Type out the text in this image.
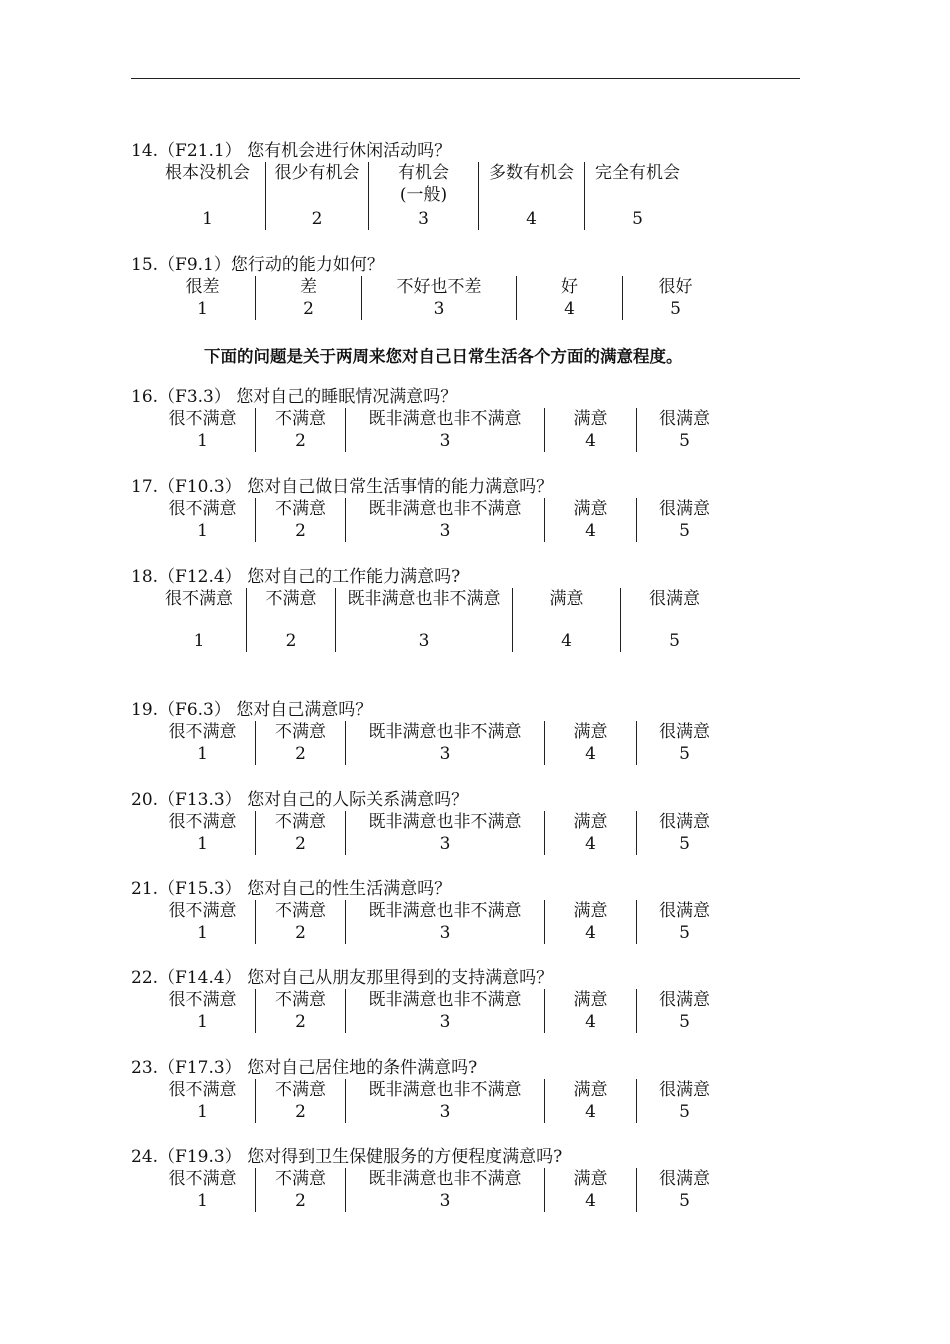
下面的问题是关于两周来您对自己日常生活各个方面的满意程度。
14.（F21.1） 您有机会进行休闲活动吗？
根本没机会
1
很少有机会
2
有机会(一般)
3
多数有机会
4
完全有机会
5
15.（F9.1）您行动的能力如何？
很差
1
差
2
不好也不差
3
好
4
很好
5
16.（F3.3） 您对自己的睡眠情况满意吗？
很不满意
1
不满意
2
既非满意也非不满意
3
满意
4
很满意
5
17.（F10.3） 您对自己做日常生活事情的能力满意吗？
很不满意
1
不满意
2
既非满意也非不满意
3
满意
4
很满意
5
18.（F12.4） 您对自己的工作能力满意吗?
很不满意
1
不满意
2
既非满意也非不满意
3
满意
4
很满意
5
19.（F6.3） 您对自己满意吗？
很不满意
1
不满意
2
既非满意也非不满意
3
满意
4
很满意
5
20.（F13.3） 您对自己的人际关系满意吗？
很不满意
1
不满意
2
既非满意也非不满意
3
满意
4
很满意
5
21.（F15.3） 您对自己的性生活满意吗？
很不满意
1
不满意
2
既非满意也非不满意
3
满意
4
很满意
5
22.（F14.4） 您对自己从朋友那里得到的支持满意吗？
很不满意
1
不满意
2
既非满意也非不满意
3
满意
4
很满意
5
23.（F17.3） 您对自己居住地的条件满意吗?
很不满意
1
不满意
2
既非满意也非不满意
3
满意
4
很满意
5
24.（F19.3） 您对得到卫生保健服务的方便程度满意吗?
很不满意
1
不满意
2
既非满意也非不满意
3
满意
4
很满意
5
